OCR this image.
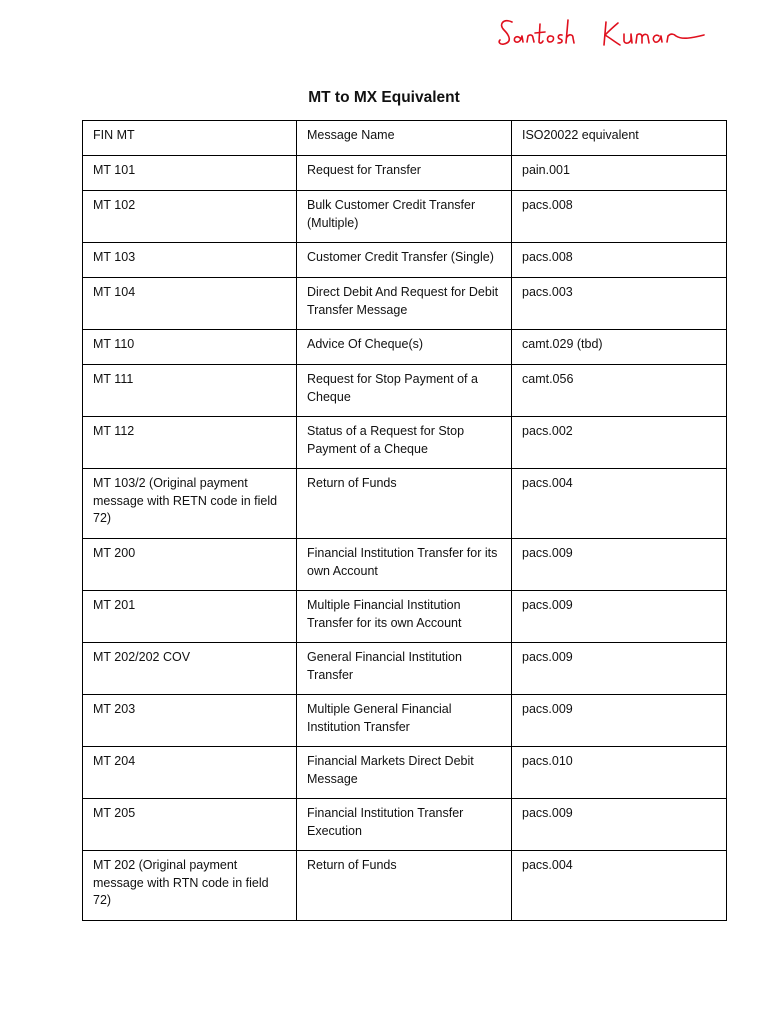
MT to MX Equivalent
FIN MT	Message Name	ISO20022 equivalent
MT 101	Request for Transfer	pain.001
MT 102	Bulk Customer Credit Transfer (Multiple)	pacs.008
MT 103	Customer Credit Transfer (Single)	pacs.008
MT 104	Direct Debit And Request for Debit Transfer Message	pacs.003
MT 110	Advice Of Cheque(s)	camt.029 (tbd)
MT 111	Request for Stop Payment of a Cheque	camt.056
MT 112	Status of a Request for Stop Payment of a Cheque	pacs.002
MT 103/2 (Original payment message with RETN code in field 72)	Return of Funds	pacs.004
MT 200	Financial Institution Transfer for its own Account	pacs.009
MT 201	Multiple Financial Institution Transfer for its own Account	pacs.009
MT 202/202 COV	General Financial Institution Transfer	pacs.009
MT 203	Multiple General Financial Institution Transfer	pacs.009
MT 204	Financial Markets Direct Debit Message	pacs.010
MT 205	Financial Institution Transfer Execution	pacs.009
MT 202 (Original payment message with RTN code in field 72)	Return of Funds	pacs.004
